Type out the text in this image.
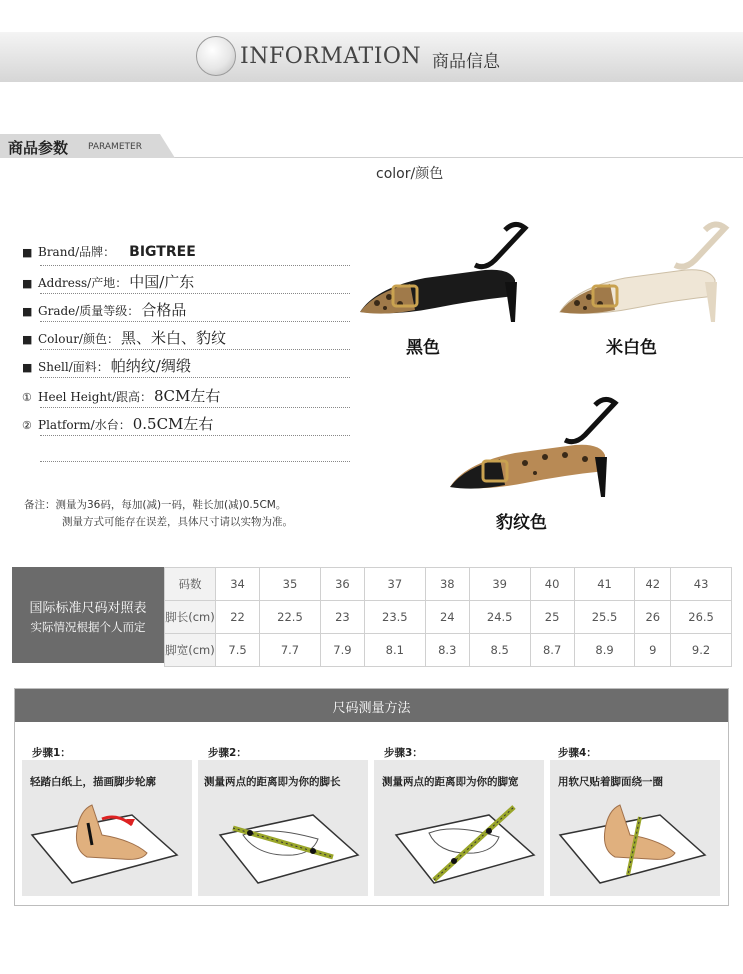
INFORMATION 商品信息
商品参数 PARAMETER
color/颜色
■ Brand/品牌： BIGTREE
■ Address/产地： 中国/广东
■ Grade/质量等级： 合格品
■ Colour/颜色： 黑、米白、豹纹
■ Shell/面料： 帕纳纹/绸缎
① Heel Height/跟高： 8CM左右
② Platform/水台： 0.5CM左右
备注：测量为36码，每加(减)一码，鞋长加(减)0.5CM。
测量方式可能存在误差，具体尺寸请以实物为准。
黑色	米白色
豹纹色
国际标准尺码对照表
实际情况根据个人而定
码数	34	35	36	37	38	39	40	41	42	43
脚长(cm)	22	22.5	23	23.5	24	24.5	25	25.5	26	26.5
脚宽(cm)	7.5	7.7	7.9	8.1	8.3	8.5	8.7	8.9	9	9.2
尺码测量方法
步骤1：
轻踏白纸上，描画脚步轮廓
步骤2：
测量两点的距离即为你的脚长
步骤3：
测量两点的距离即为你的脚宽
步骤4：
用软尺贴着脚面绕一圈
